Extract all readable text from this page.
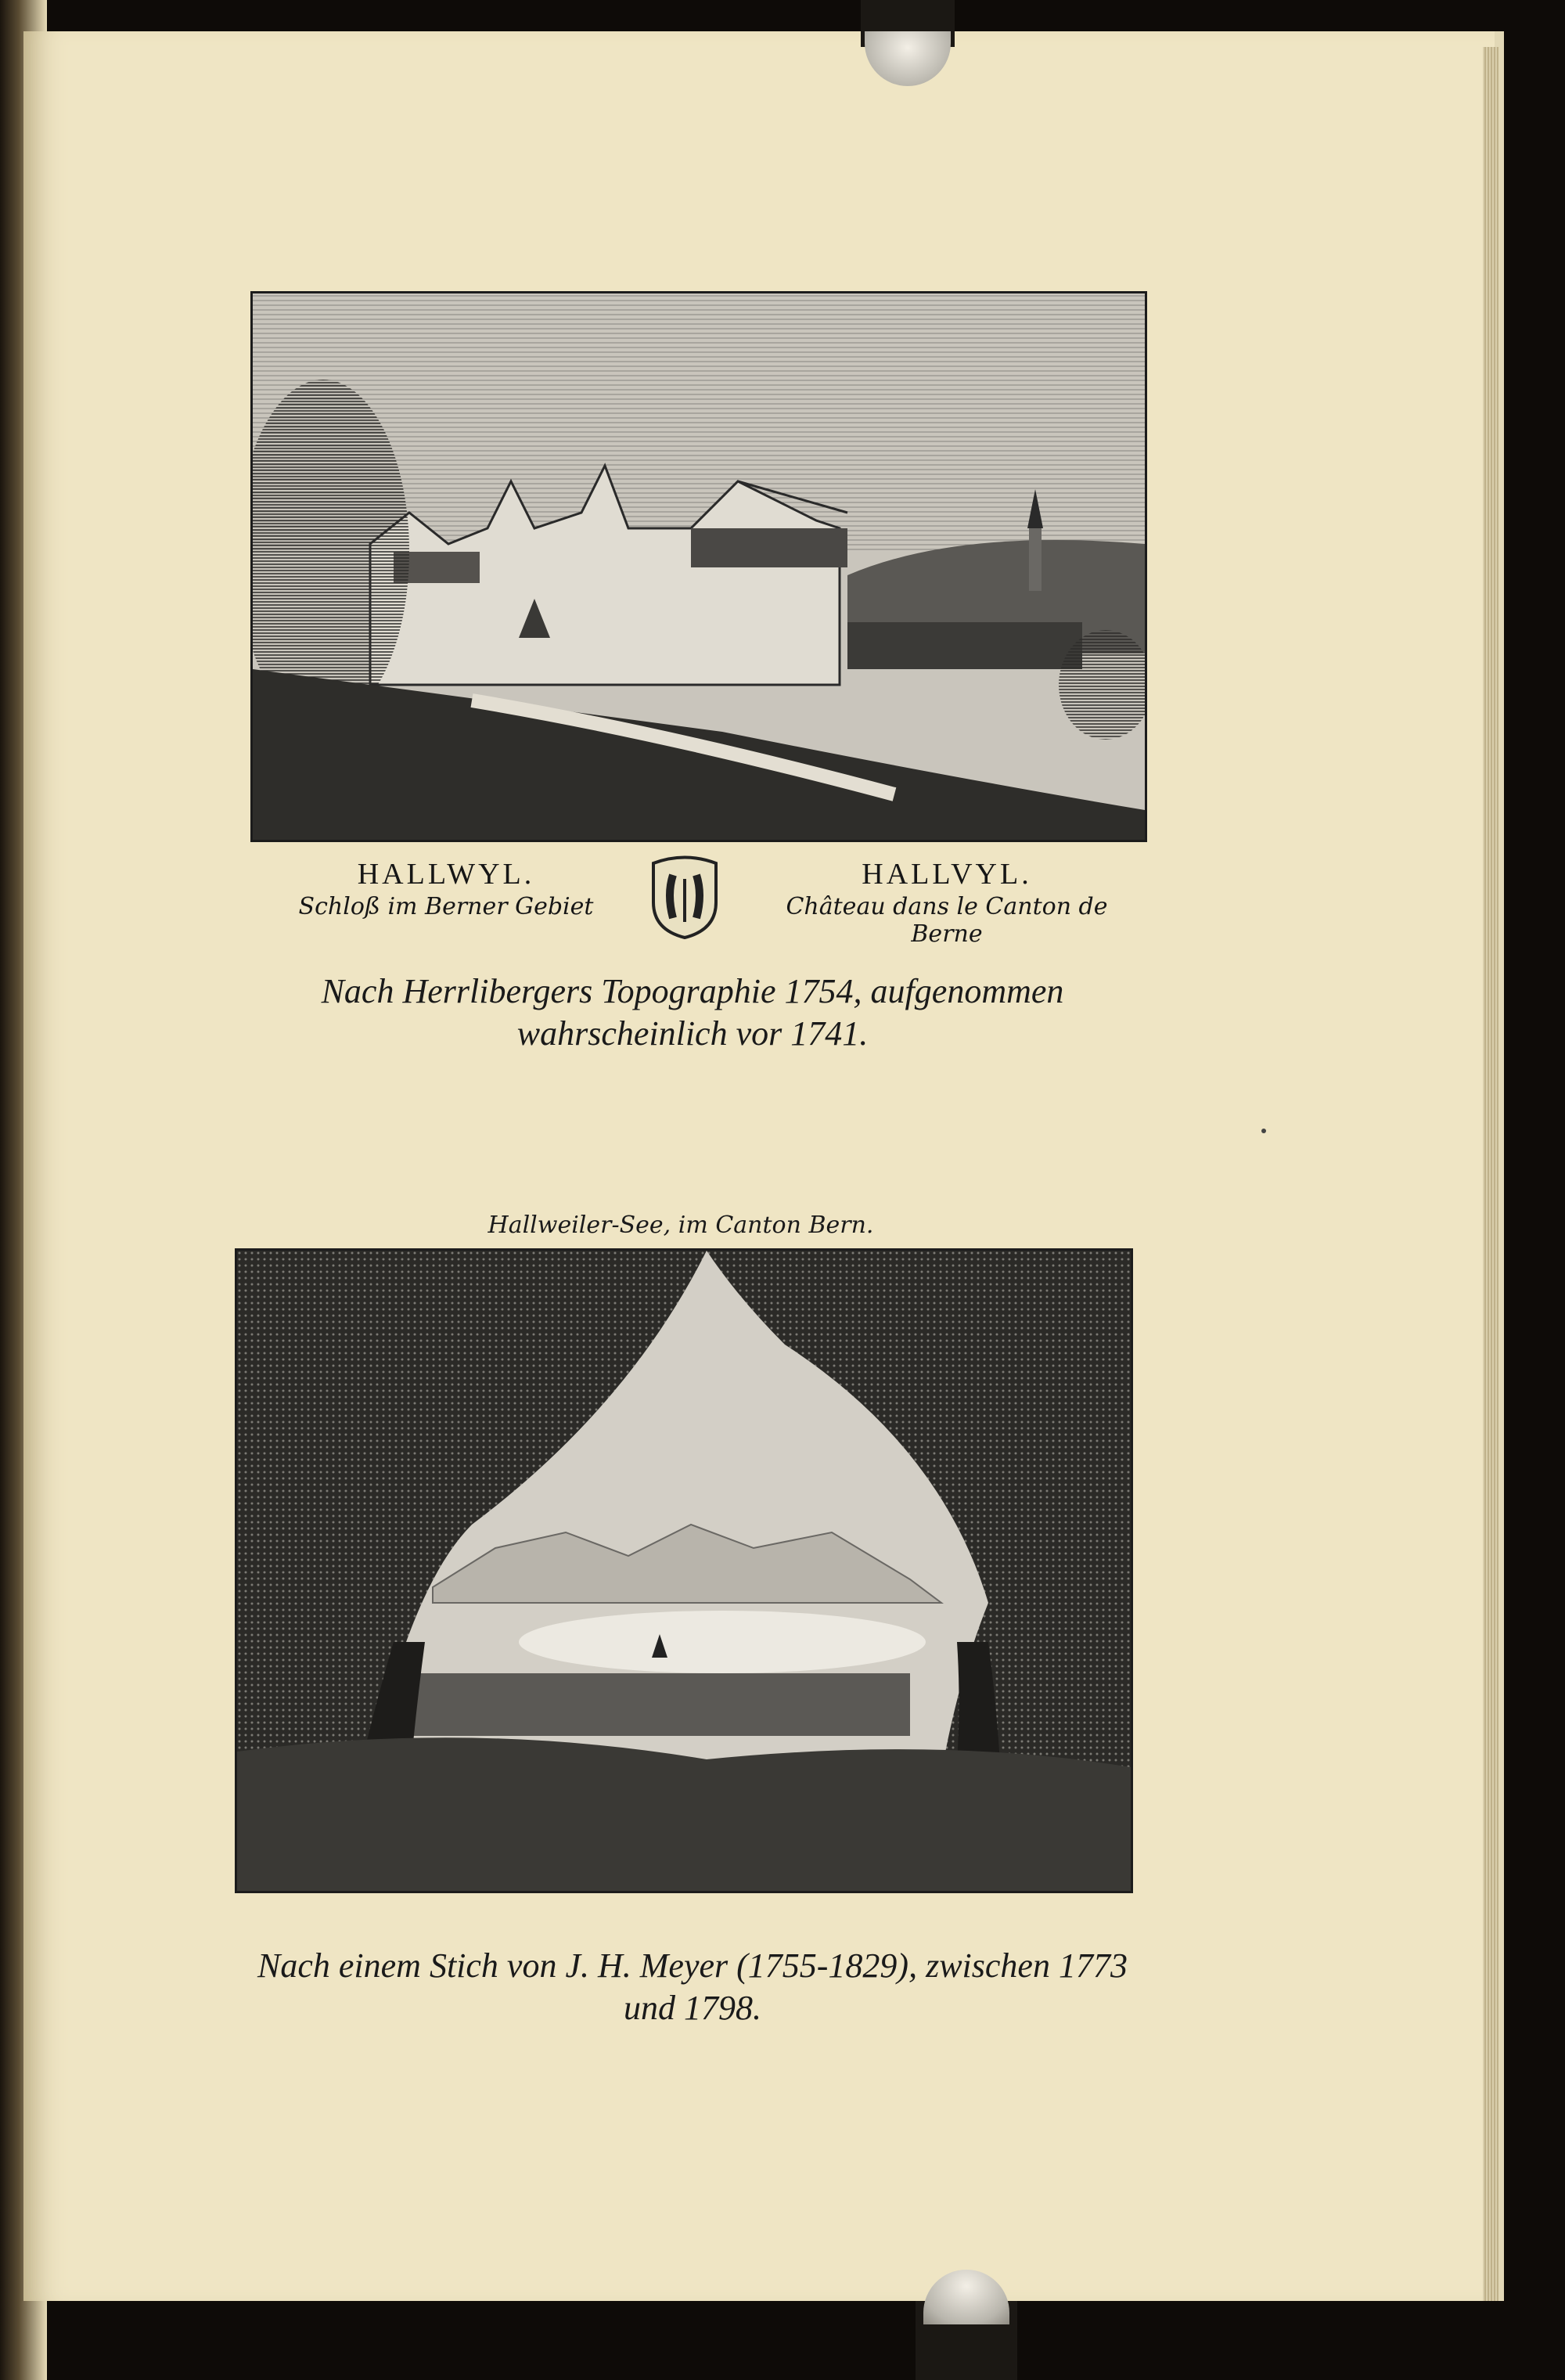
HALLWYL.
Schloß im Berner Gebiet
HALLVYL.
Château dans le Canton de Berne
Nach Herrlibergers Topographie 1754, aufgenommen wahrscheinlich vor 1741.
Hallweiler-See, im Canton Bern.
Nach einem Stich von J. H. Meyer (1755-1829), zwischen 1773 und 1798.
